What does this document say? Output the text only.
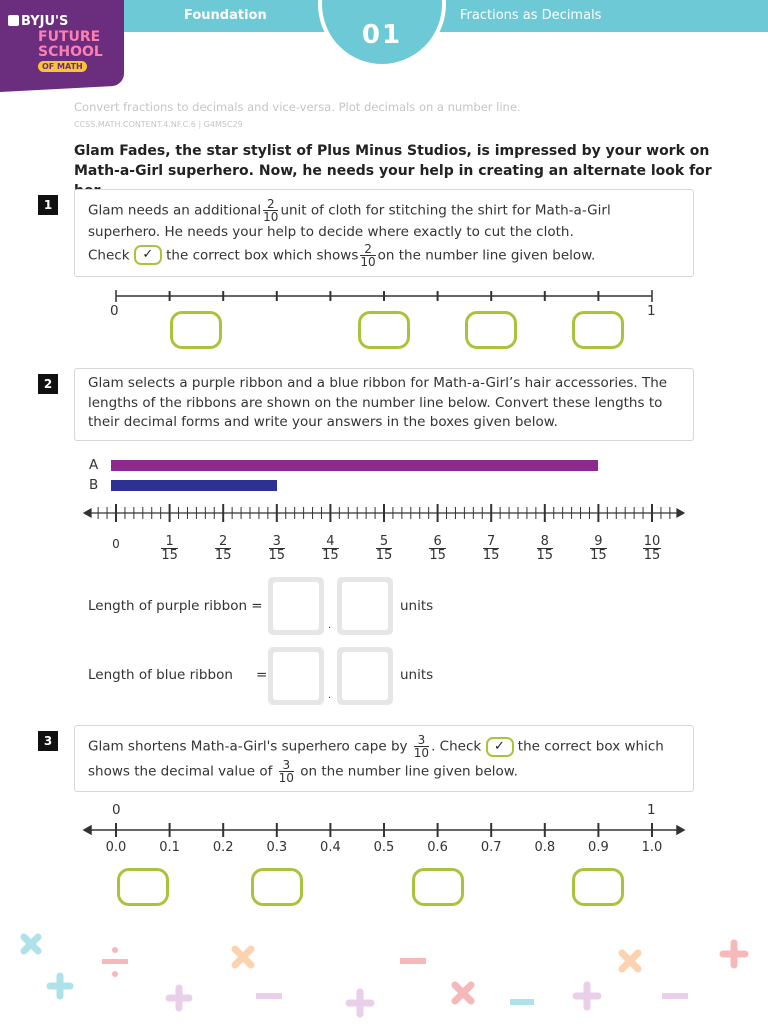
Foundation	Fractions as Decimals
01
BYJU'S
FUTURE
SCHOOL
OF MATH
Convert fractions to decimals and vice-versa. Plot decimals on a number line.
CCSS.MATH.CONTENT.4.NF.C.6 | G4M5C29
Glam Fades, the star stylist of Plus Minus Studios, is impressed by your work on Math-a-Girl superhero. Now, he needs your help in creating an alternate look for
1	Glam needs an additional $\frac{2}{10}$ unit of cloth for stitching the shirt for Math-a-Girl superhero. He needs your help to decide where exactly to cut the cloth.
Check ✓ the correct box which shows $\frac{2}{10}$ on the number line given below.
0	1
2	Glam selects a purple ribbon and a blue ribbon for Math-a-Girl’s hair accessories. The lengths of the ribbons are shown on the number line below. Convert these lengths to their decimal forms and write your answers in the boxes given below.
A
B
0	$\frac{1}{15}$	$\frac{2}{15}$	$\frac{3}{15}$	$\frac{4}{15}$	$\frac{5}{15}$	$\frac{6}{15}$	$\frac{7}{15}$	$\frac{8}{15}$	$\frac{9}{15}$	$\frac{10}{15}$
Length of purple ribbon =
.
units
Length of blue ribbon =
.
units
3	Glam shortens Math-a-Girl's superhero cape by $\frac{3}{10}$ . Check ✓ the correct box which shows the decimal value of $\frac{3}{10}$ on the number line given below.
0	1
0.0	0.1	0.2	0.3	0.4	0.5	0.6	0.7	0.8	0.9	1.0
